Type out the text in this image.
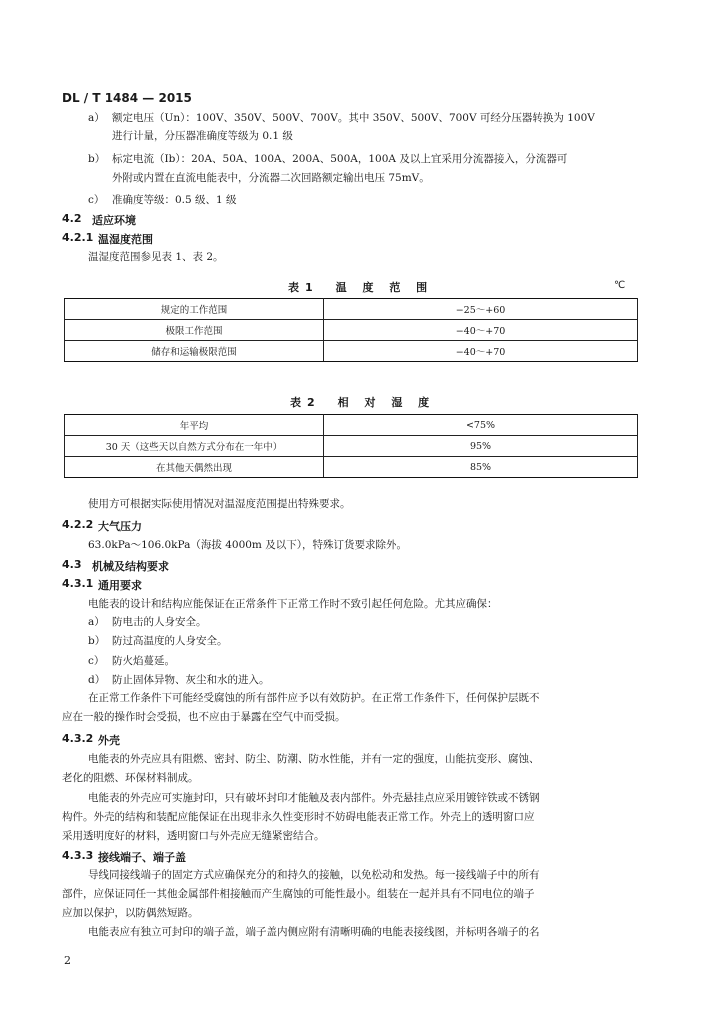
DL / T 1484 — 2015
a） 额定电压（Un）：100V、350V、500V、700V。其中 350V、500V、700V 可经分压器转换为 100V
进行计量，分压器准确度等级为 0.1 级
b） 标定电流（Ib）：20A、50A、100A、200A、500A，100A 及以上宜采用分流器接入，分流器可
外附或内置在直流电能表中，分流器二次回路额定输出电压 75mV。
c） 准确度等级：0.5 级、1 级
4.2 适应环境
4.2.1 温湿度范围
温湿度范围参见表 1、表 2。
表1　温 度 范 围	℃
规定的工作范围	−25～+60
极限工作范围	−40～+70
储存和运输极限范围	−40～+70
表2　相 对 湿 度
年平均	<75%
30 天（这些天以自然方式分布在一年中）	95%
在其他天偶然出现	85%
使用方可根据实际使用情况对温湿度范围提出特殊要求。
4.2.2 大气压力
63.0kPa～106.0kPa（海拔 4000m 及以下），特殊订货要求除外。
4.3 机械及结构要求
4.3.1 通用要求
电能表的设计和结构应能保证在正常条件下正常工作时不致引起任何危险。尤其应确保：
a） 防电击的人身安全。
b） 防过高温度的人身安全。
c） 防火焰蔓延。
d） 防止固体异物、灰尘和水的进入。
在正常工作条件下可能经受腐蚀的所有部件应予以有效防护。在正常工作条件下，任何保护层既不
应在一般的操作时会受损，也不应由于暴露在空气中而受损。
4.3.2 外壳
电能表的外壳应具有阻燃、密封、防尘、防潮、防水性能，并有一定的强度，山能抗变形、腐蚀、
老化的阻燃、环保材料制成。
电能表的外壳应可实施封印，只有破坏封印才能触及表内部件。外壳悬挂点应采用镀锌铁或不锈钢
构件。外壳的结构和装配应能保证在出现非永久性变形时不妨碍电能表正常工作。外壳上的透明窗口应
采用透明度好的材料，透明窗口与外壳应无缝紧密结合。
4.3.3 接线端子、端子盖
导线同接线端子的固定方式应确保充分的和持久的接触，以免松动和发热。每一接线端子中的所有
部件，应保证同任一其他金属部件相接触而产生腐蚀的可能性最小。组装在一起并具有不同电位的端子
应加以保护，以防偶然短路。
电能表应有独立可封印的端子盖，端子盖内侧应附有清晰明确的电能表接线图，并标明各端子的名
2
